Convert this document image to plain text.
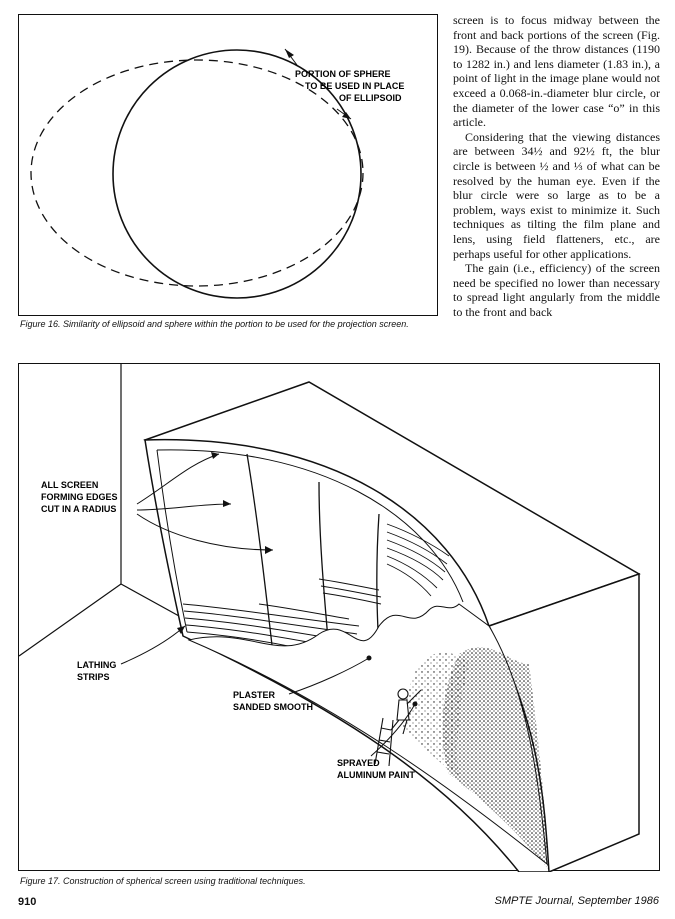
PORTION OF SPHERE
TO BE USED IN PLACE
OF ELLIPSOID
Figure 16. Similarity of ellipsoid and sphere within the portion to be used for the projection screen.

screen is to focus midway between the front and back portions of the screen (Fig. 19). Because of the throw distances (1190 to 1282 in.) and lens diameter (1.83 in.), a point of light in the image plane would not exceed a 0.068-in.-diameter blur circle, or the diameter of the lower case “o” in this article.

Considering that the viewing distances are between 34½ and 92½ ft, the blur circle is between ½ and ⅓ of what can be resolved by the human eye. Even if the blur circle were so large as to be a problem, ways exist to minimize it. Such techniques as tilting the film plane and lens, using field flatteners, etc., are perhaps useful for other applications.

The gain (i.e., efficiency) of the screen need be specified no lower than necessary to spread light angularly from the middle to the front and back

ALL SCREEN
FORMING EDGES
CUT IN A RADIUS
LATHING
STRIPS
PLASTER
SANDED SMOOTH
SPRAYED
ALUMINUM PAINT
Figure 17. Construction of spherical screen using traditional techniques.
910	SMPTE Journal, September 1986
